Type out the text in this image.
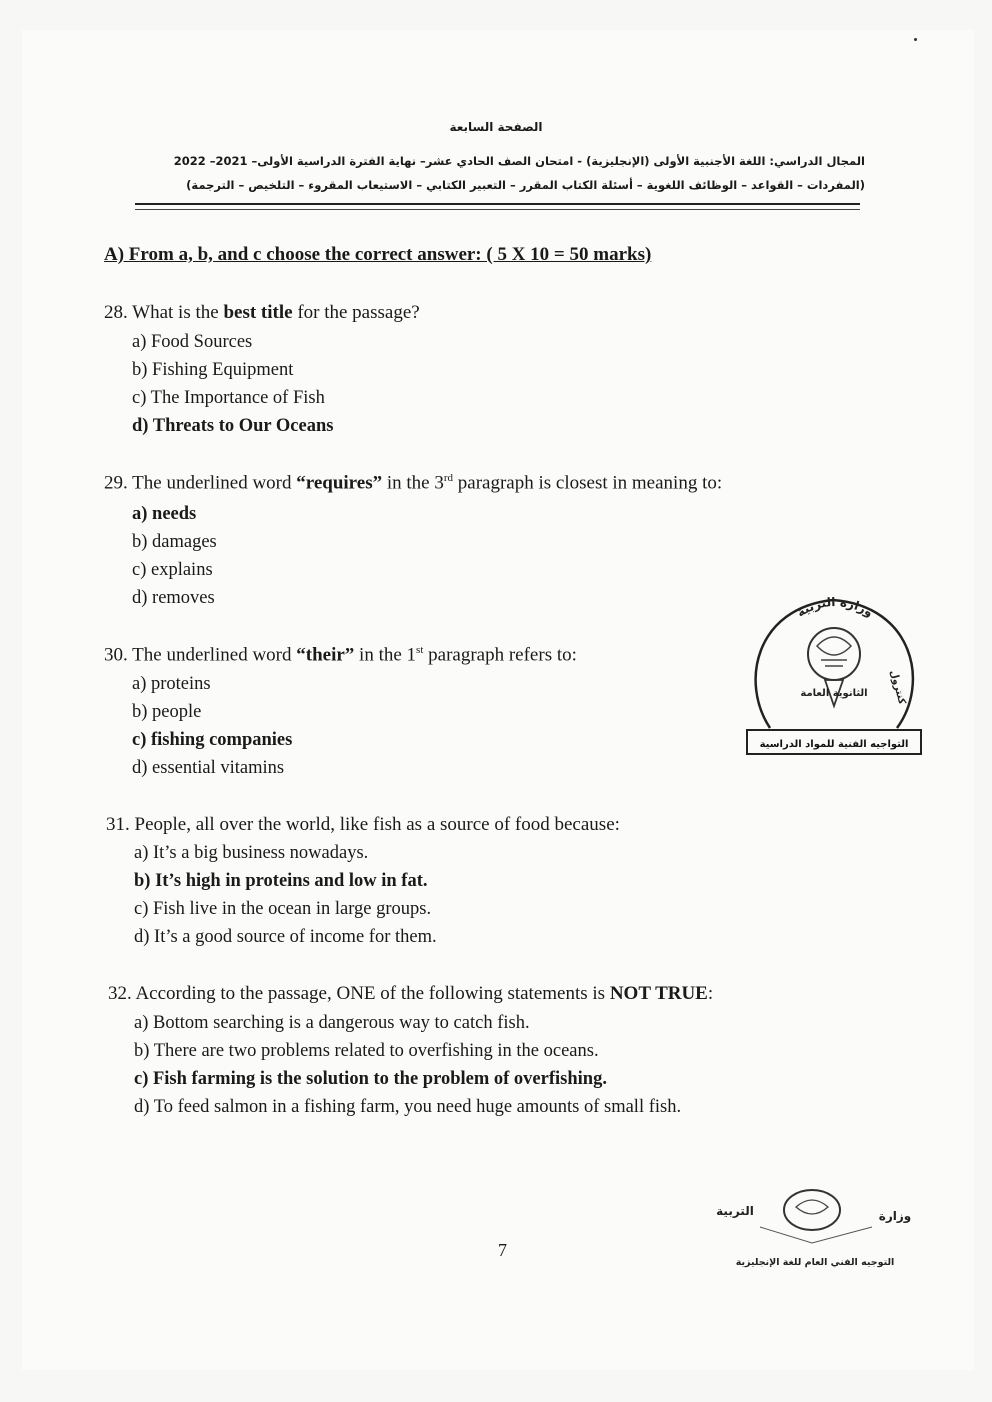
الصفحة السابعة
المجال الدراسي: اللغة الأجنبية الأولى (الإنجليزية) - امتحان الصف الحادي عشر– نهاية الفترة الدراسية الأولى– 2021– 2022
(المفردات – القواعد – الوظائف اللغوية – أسئلة الكتاب المقرر – التعبير الكتابي – الاستيعاب المقروء – التلخيص – الترجمة)
A) From a, b, and c choose the correct answer: ( 5 X 10 = 50 marks)
28. What is the best title for the passage?
a) Food Sources
b) Fishing Equipment
c) The Importance of Fish
d) Threats to Our Oceans
29. The underlined word “requires” in the 3rd paragraph is closest in meaning to:
a) needs
b) damages
c) explains
d) removes
30. The underlined word “their” in the 1st paragraph refers to:
a) proteins
b) people
c) fishing companies
d) essential vitamins
31. People, all over the world, like fish as a source of food because:
a) It’s a big business nowadays.
b) It’s high in proteins and low in fat.
c) Fish live in the ocean in large groups.
d) It’s a good source of income for them.
32. According to the passage, ONE of the following statements is NOT TRUE:
a) Bottom searching is a dangerous way to catch fish.
b) There are two problems related to overfishing in the oceans.
c) Fish farming is the solution to the problem of overfishing.
d) To feed salmon in a fishing farm, you need huge amounts of small fish.
وزارة التربية
الثانوية العامة كنترول
التواجيه الفنية للمواد الدراسية
وزارة
التربية
التوجيه الفني العام للغة الإنجليزية
7
